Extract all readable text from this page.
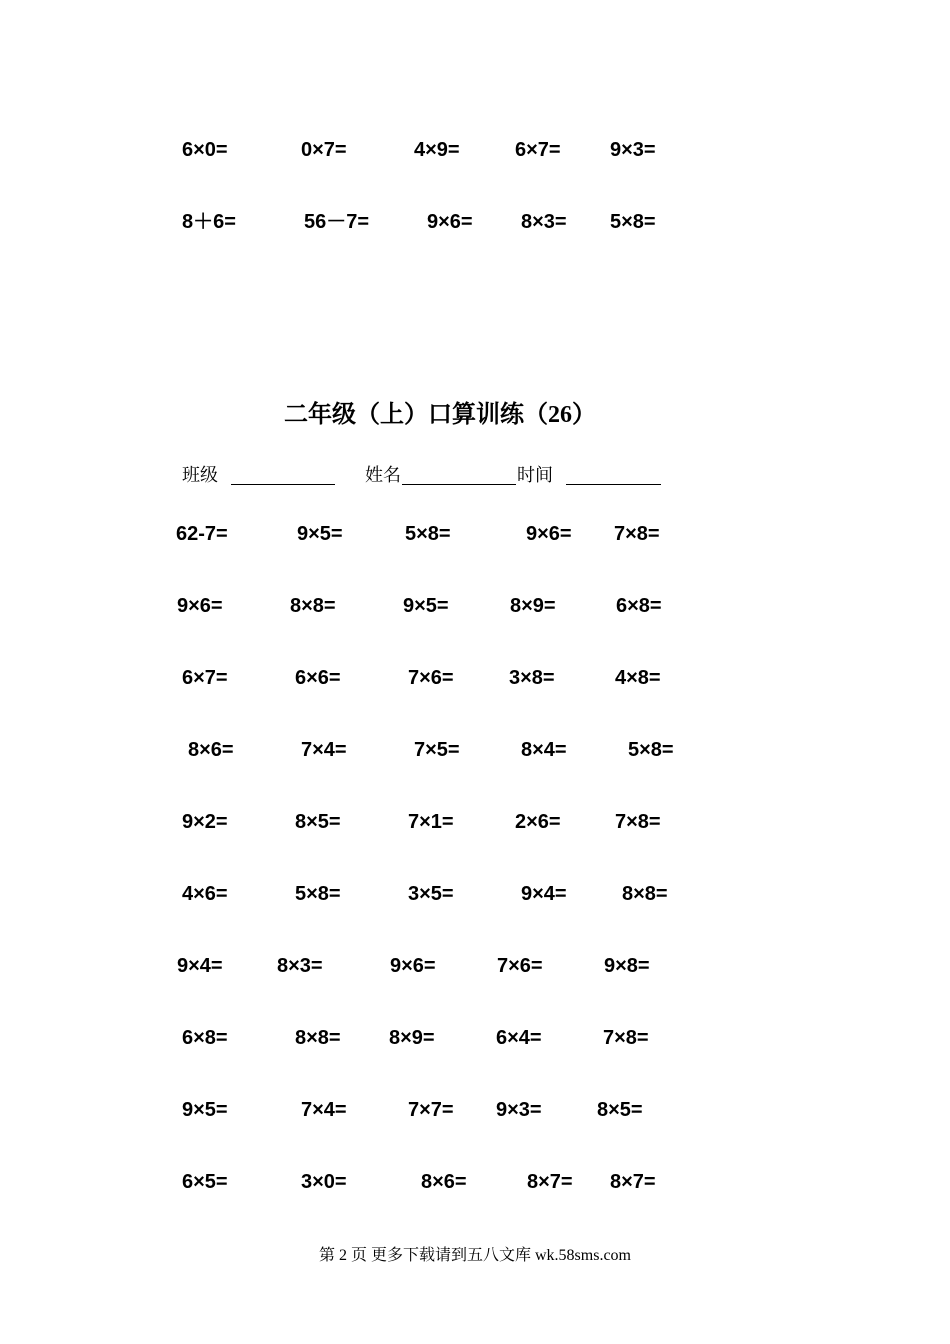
6×0=	0×7=	4×9=	6×7= 9×3=
8＋6=	56－7=	9×6= 8×3= 5×8=
二年级（上）口算训练（26）
班级	姓名	时间
62-7=	9×5=	5×8=	9×6= 7×8=
9×6=	8×8=	9×5=	8×9=	6×8=
6×7=	6×6=	7×6=	3×8=	4×8=
8×6=	7×4=	7×5=	8×4=	5×8=
9×2=	8×5=	7×1=	2×6=	7×8=
4×6=	5×8=	3×5=	9×4=	8×8=
9×4=	8×3=	9×6=	7×6=	9×8=
6×8=	8×8= 8×9=	6×4=	7×8=
9×5=	7×4=	7×7= 9×3=	8×5=
6×5=	3×0=	8×6=	8×7= 8×7=
第 2 页 更多下载请到五八文库 wk.58sms.com
